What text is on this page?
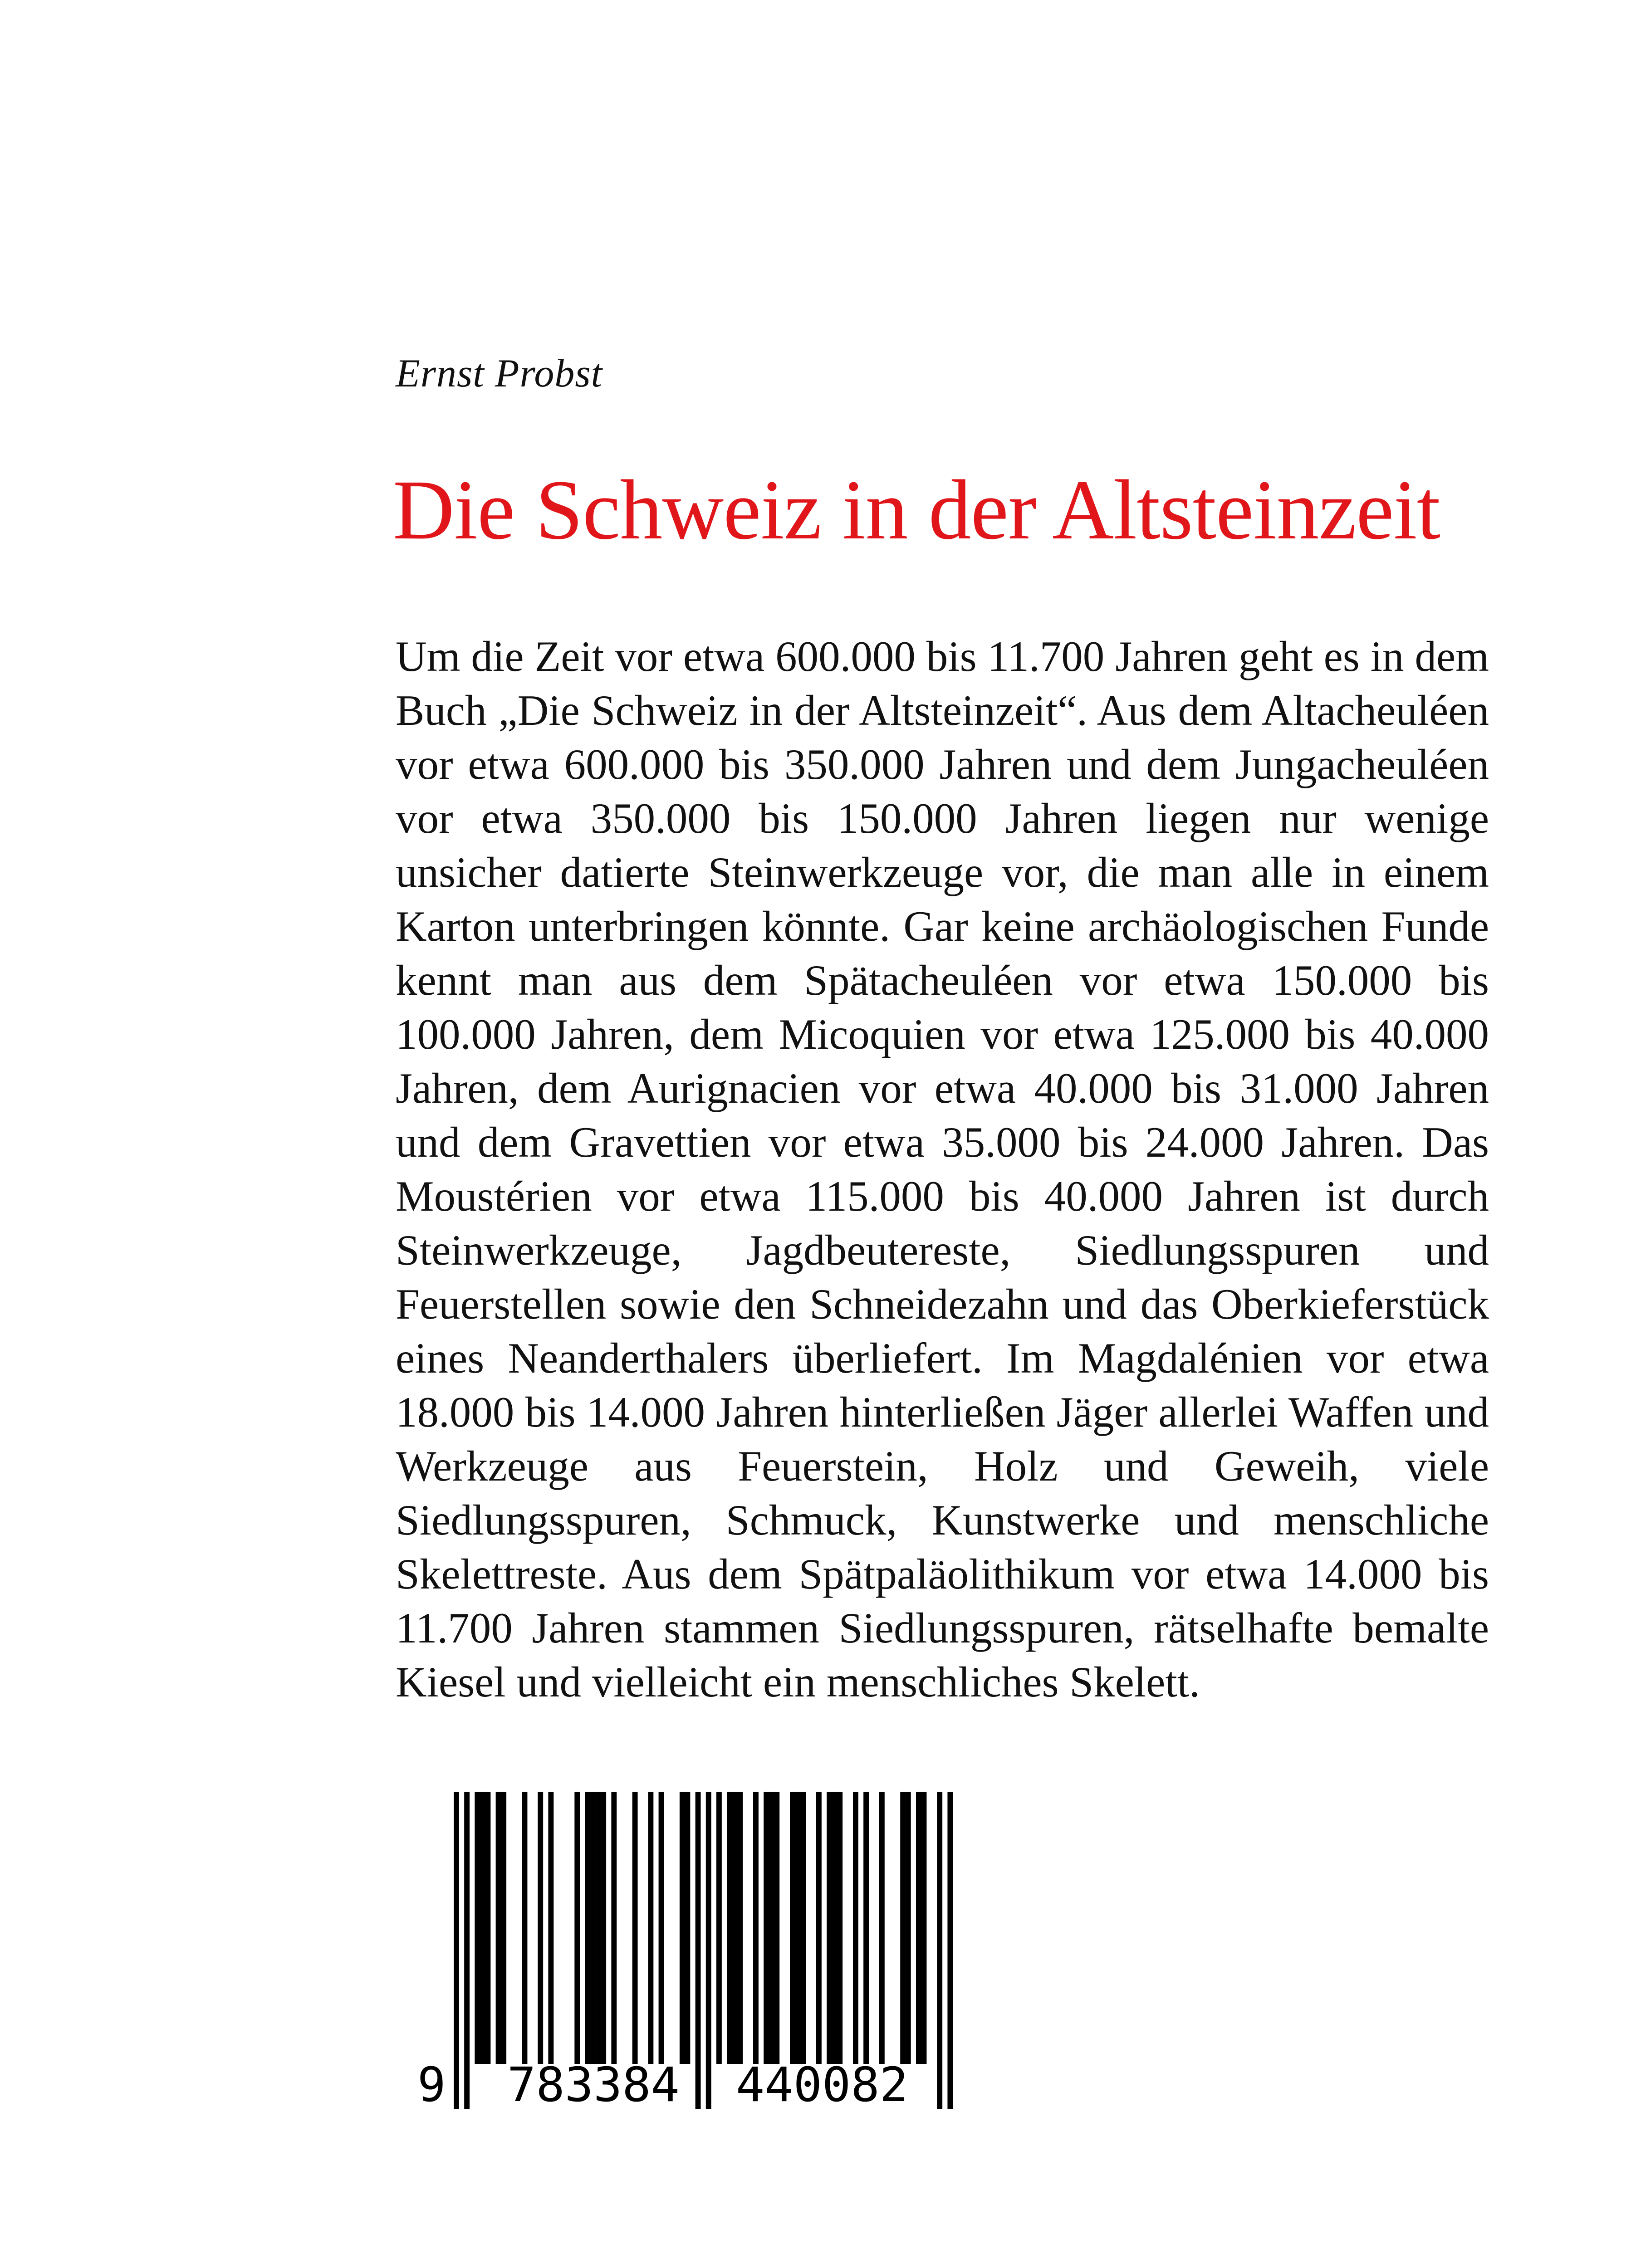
Ernst Probst
Die Schweiz in der Altsteinzeit

Um die Zeit vor etwa 600.000 bis 11.700 Jahren geht es in dem Buch „Die Schweiz in der Altsteinzeit“. Aus dem Altacheuléen vor etwa 600.000 bis 350.000 Jahren und dem Jungacheuléen vor etwa 350.000 bis 150.000 Jahren liegen nur wenige unsicher datierte Steinwerkzeuge vor, die man alle in einem Karton unterbringen könnte. Gar keine archäologischen Funde kennt man aus dem Spätacheuléen vor etwa 150.000 bis 100.000 Jahren, dem Micoquien vor etwa 125.000 bis 40.000 Jahren, dem Aurignacien vor etwa 40.000 bis 31.000 Jahren und dem Gravettien vor etwa 35.000 bis 24.000 Jahren. Das Moustérien vor etwa 115.000 bis 40.000 Jahren ist durch Steinwerkzeuge, Jagdbeutereste, Siedlungsspuren und Feuerstellen sowie den Schneidezahn und das Oberkieferstück eines Neanderthalers überliefert. Im Magdalénien vor etwa 18.000 bis 14.000 Jahren hinterließen Jäger allerlei Waffen und Werkzeuge aus Feuerstein, Holz und Geweih, viele Siedlungsspuren, Schmuck, Kunstwerke und menschliche Skelettreste. Aus dem Spätpaläolithikum vor etwa 14.000 bis 11.700 Jahren stammen Siedlungsspuren, rätselhafte bemalte Kiesel und vielleicht ein menschliches Skelett.

9 783384 440082
